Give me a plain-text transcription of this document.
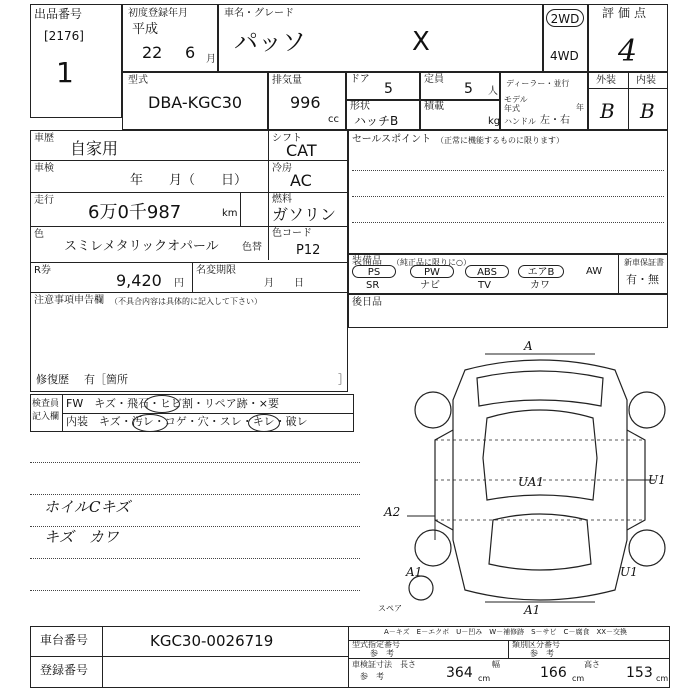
出品番号
[2176]
1
初度登録年月
平成
22 6 月
車名・グレード
パッソ	X
2WD
4WD
評価点
4
型式
DBA-KGC30
排気量
996
cc
ドア
5
定員
5 人
形状
ハッチB
積載
kg
ディーラー・並行
モデル年式	年
ハンドル 左・右
外装 内装
B B
車歴
自家用
シフト
CAT
車検
年　　月（　　日）
冷房
AC
走行
6万0千987	km
燃料
ガソリン
色
スミレメタリックオパール 色替
色コード
P12
R券
9,420 円
名変期限
月　　日
注意事項申告欄 （不具合内容は具体的に記入して下さい）
修復歴 有［箇所	］
セールスポイント （正常に機能するものに限ります）
装備品 （純正品に限りに○）
PS	PW	ABS	エアB	AW
SR	ナビ	TV	カワ
新車保証書
有・無
後日品
検査員記入欄
FW　キズ・飛石・ヒビ割・リペア跡・×要
内装　キズ・汚レ・コゲ・穴・スレ・キレ・破レ
ホイルCキズ
キズ　カワ
A
UA1	U1
A2
A1	U1
A1
スペア
A－キズ　E－エクボ　U－凹み　W－補修跡　S－サビ　C－腐食　XX－交換
車台番号	KGC30-0026719
登録番号
型式指定番号
参　考
類別区分番号
参　考
車検証寸法
参　考
長さ
364 cm
幅
166 cm
高さ
153 cm
